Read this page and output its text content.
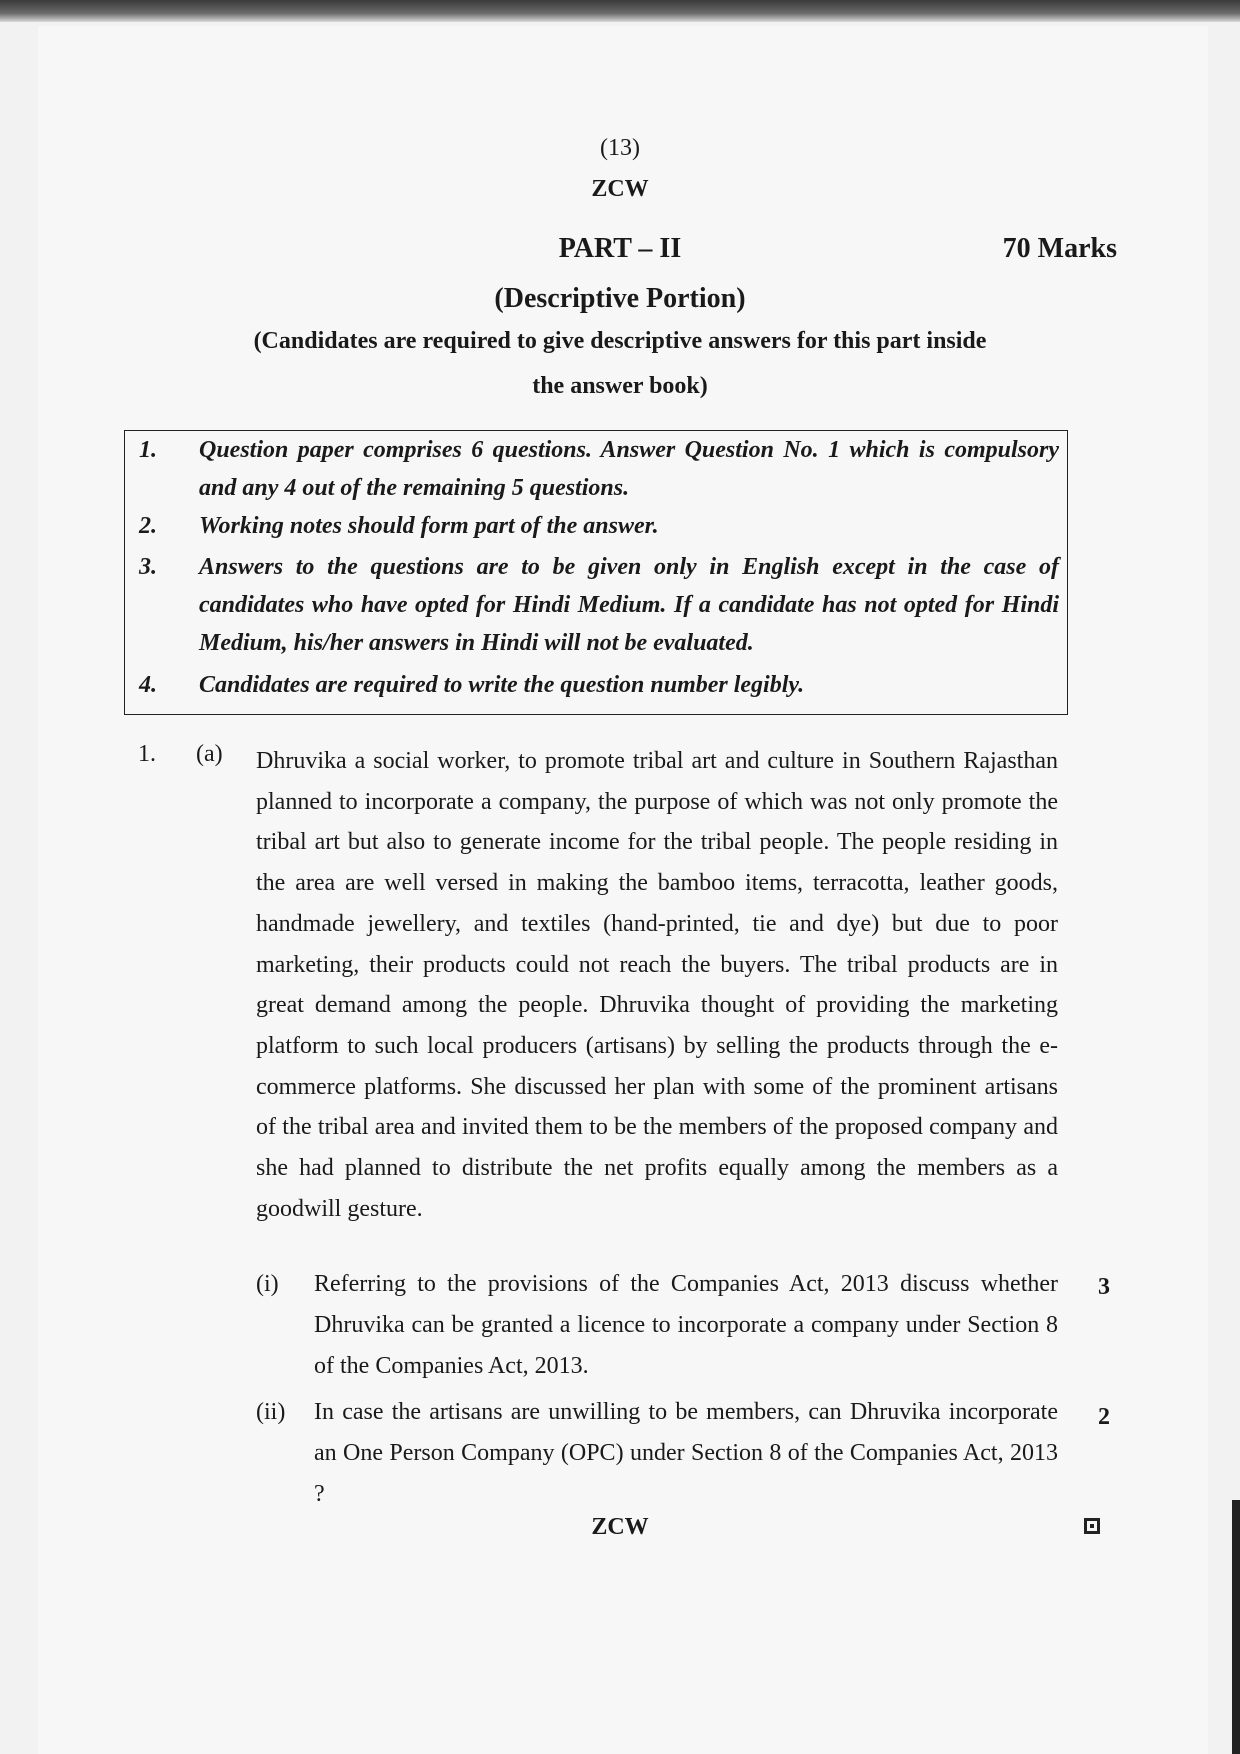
(13)
ZCW
PART – II	70 Marks
(Descriptive Portion)
(Candidates are required to give descriptive answers for this part inside
the answer book)
1.	Question paper comprises 6 questions. Answer Question No. 1 which is compulsory and any 4 out of the remaining 5 questions.
2.	Working notes should form part of the answer.
3.	Answers to the questions are to be given only in English except in the case of candidates who have opted for Hindi Medium. If a candidate has not opted for Hindi Medium, his/her answers in Hindi will not be evaluated.
4.	Candidates are required to write the question number legibly.
1. (a) Dhruvika a social worker, to promote tribal art and culture in Southern Rajasthan planned to incorporate a company, the purpose of which was not only promote the tribal art but also to generate income for the tribal people. The people residing in the area are well versed in making the bamboo items, terracotta, leather goods, handmade jewellery, and textiles (hand-printed, tie and dye) but due to poor marketing, their products could not reach the buyers. The tribal products are in great demand among the people. Dhruvika thought of providing the marketing platform to such local producers (artisans) by selling the products through the e-commerce platforms. She discussed her plan with some of the prominent artisans of the tribal area and invited them to be the members of the proposed company and she had planned to distribute the net profits equally among the members as a goodwill gesture.

(i) Referring to the provisions of the Companies Act, 2013 discuss whether Dhruvika can be granted a licence to incorporate a company under Section 8 of the Companies Act, 2013.

3
(ii) In case the artisans are unwilling to be members, can Dhruvika incorporate an One Person Company (OPC) under Section 8 of the Companies Act, 2013 ?

2
ZCW
